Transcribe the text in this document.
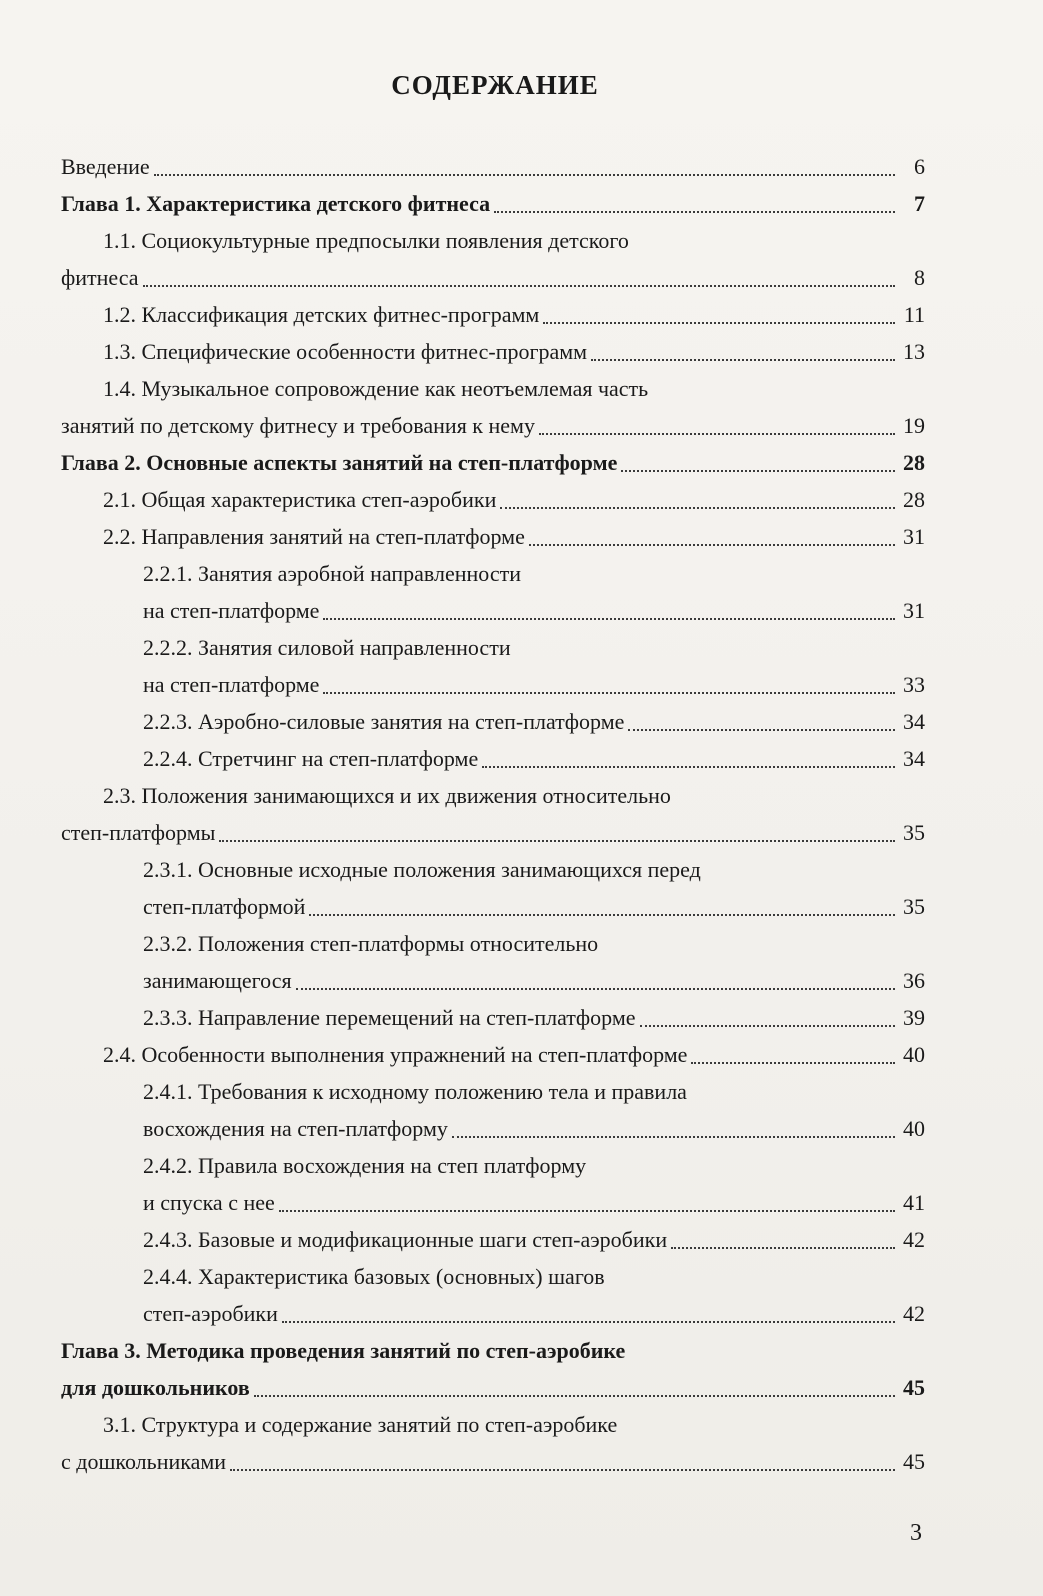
СОДЕРЖАНИЕ
Введение	6
Глава 1. Характеристика детского фитнеса	7
1.1. Социокультурные предпосылки появления детского
фитнеса	8
1.2. Классификация детских фитнес-программ	11
1.3. Специфические особенности фитнес-программ	13
1.4. Музыкальное сопровождение как неотъемлемая часть
занятий по детскому фитнесу и требования к нему	19
Глава 2. Основные аспекты занятий на степ-платформе	28
2.1. Общая характеристика степ-аэробики	28
2.2. Направления занятий на степ-платформе	31
2.2.1. Занятия аэробной направленности
на степ-платформе	31
2.2.2. Занятия силовой направленности
на степ-платформе	33
2.2.3. Аэробно-силовые занятия на степ-платформе	34
2.2.4. Стретчинг на степ-платформе	34
2.3. Положения занимающихся и их движения относительно
степ-платформы	35
2.3.1. Основные исходные положения занимающихся перед
степ-платформой	35
2.3.2. Положения степ-платформы относительно
занимающегося	36
2.3.3. Направление перемещений на степ-платформе	39
2.4. Особенности выполнения упражнений на степ-платформе	40
2.4.1. Требования к исходному положению тела и правила
восхождения на степ-платформу	40
2.4.2. Правила восхождения на степ платформу
и спуска с нее	41
2.4.3. Базовые и модификационные шаги степ-аэробики	42
2.4.4. Характеристика базовых (основных) шагов
степ-аэробики	42
Глава 3. Методика проведения занятий по степ-аэробике
для дошкольников	45
3.1. Структура и содержание занятий по степ-аэробике
с дошкольниками	45
3
